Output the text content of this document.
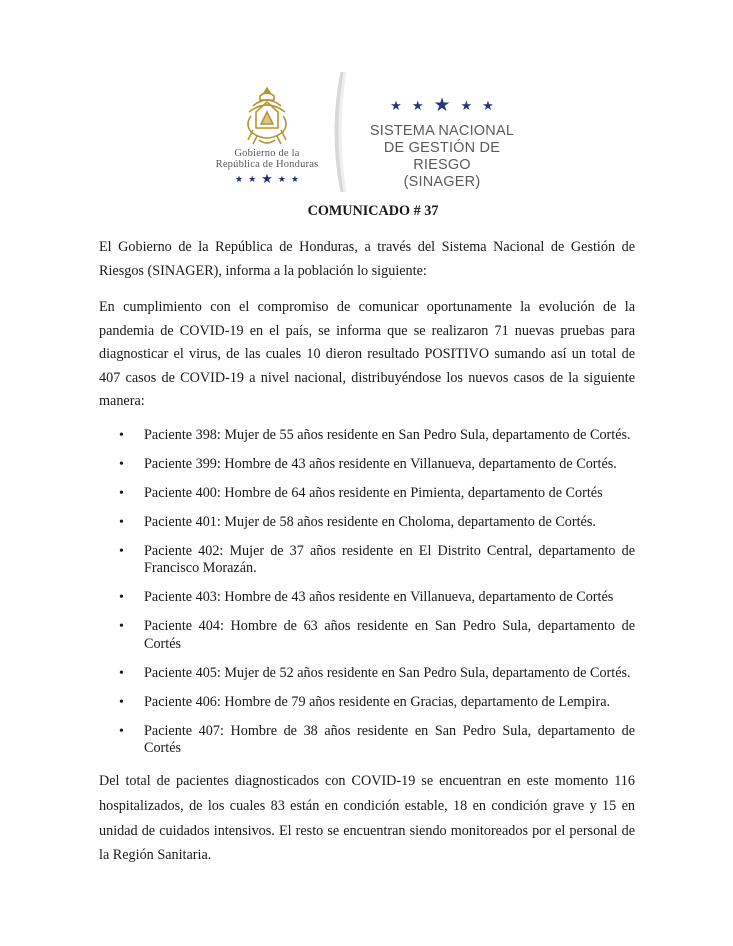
Gobierno de la
República de Honduras
★ ★ ★ ★ ★
★ ★ ★ ★ ★
SISTEMA NACIONAL
DE GESTIÓN DE RIESGO
(SINAGER)
COMUNICADO # 37

El Gobierno de la República de Honduras, a través del Sistema Nacional de Gestión de Riesgos (SINAGER), informa a la población lo siguiente:

En cumplimiento con el compromiso de comunicar oportunamente la evolución de la pandemia de COVID-19 en el país, se informa que se realizaron 71 nuevas pruebas para diagnosticar el virus, de las cuales 10 dieron resultado POSITIVO sumando así un total de 407 casos de COVID-19 a nivel nacional, distribuyéndose los nuevos casos de la siguiente manera:

• Paciente 398: Mujer de 55 años residente en San Pedro Sula, departamento de Cortés.
• Paciente 399: Hombre de 43 años residente en Villanueva, departamento de Cortés.
• Paciente 400: Hombre de 64 años residente en Pimienta, departamento de Cortés
• Paciente 401: Mujer de 58 años residente en Choloma, departamento de Cortés.
• Paciente 402: Mujer de 37 años residente en El Distrito Central, departamento de Francisco Morazán.
• Paciente 403: Hombre de 43 años residente en Villanueva, departamento de Cortés
• Paciente 404: Hombre de 63 años residente en San Pedro Sula, departamento de Cortés
• Paciente 405: Mujer de 52 años residente en San Pedro Sula, departamento de Cortés.
• Paciente 406: Hombre de 79 años residente en Gracias, departamento de Lempira.
• Paciente 407: Hombre de 38 años residente en San Pedro Sula, departamento de Cortés

Del total de pacientes diagnosticados con COVID-19 se encuentran en este momento 116 hospitalizados, de los cuales 83 están en condición estable, 18 en condición grave y 15 en unidad de cuidados intensivos. El resto se encuentran siendo monitoreados por el personal de la Región Sanitaria.
